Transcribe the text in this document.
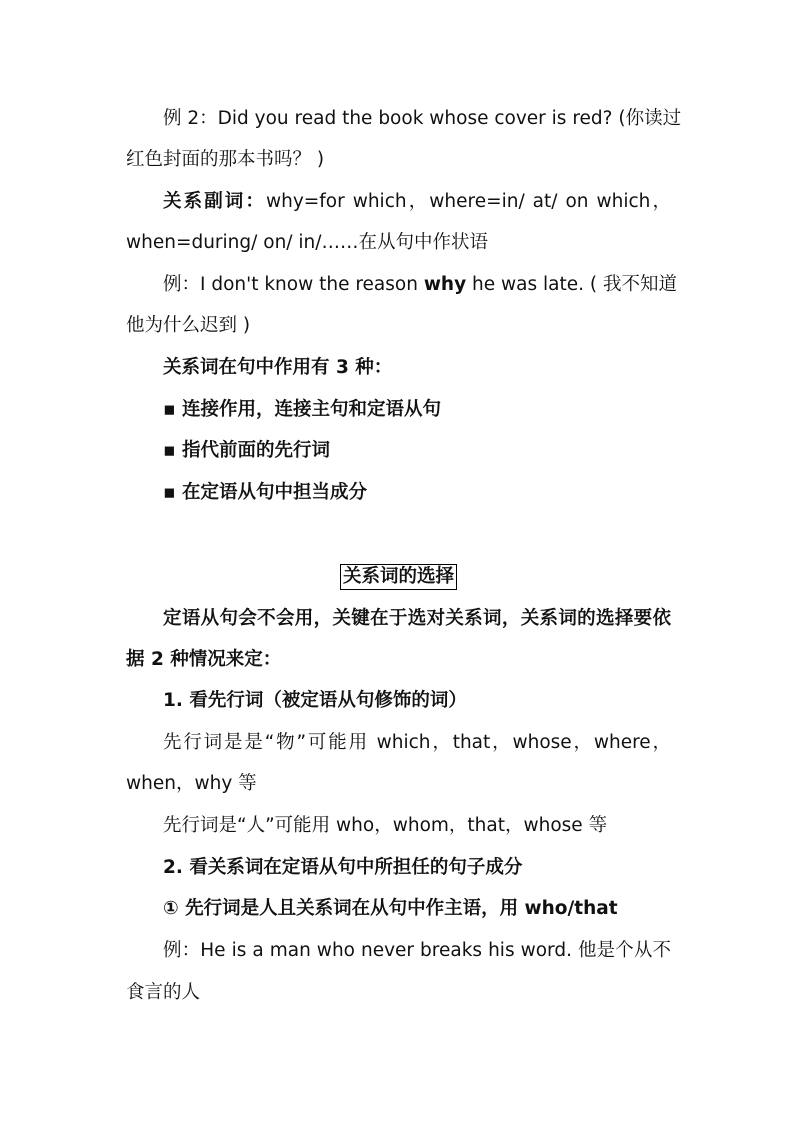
例 2：Did you read the book whose cover is red? (你读过
红色封面的那本书吗？ )
关系副词：why=for which，where=in/ at/ on which，
when=during/ on/ in/……在从句中作状语
例：I don't know the reason why he was late. ( 我不知道
他为什么迟到 )
关系词在句中作用有 3 种：
▪ 连接作用，连接主句和定语从句
▪ 指代前面的先行词
▪ 在定语从句中担当成分
关系词的选择
定语从句会不会用，关键在于选对关系词，关系词的选择要依
据 2 种情况来定：
1. 看先行词（被定语从句修饰的词）
先行词是是“物”可能用 which，that，whose，where，
when，why 等
先行词是“人”可能用 who，whom，that，whose 等
2. 看关系词在定语从句中所担任的句子成分
① 先行词是人且关系词在从句中作主语，用 who/that
例：He is a man who never breaks his word. 他是个从不
食言的人
